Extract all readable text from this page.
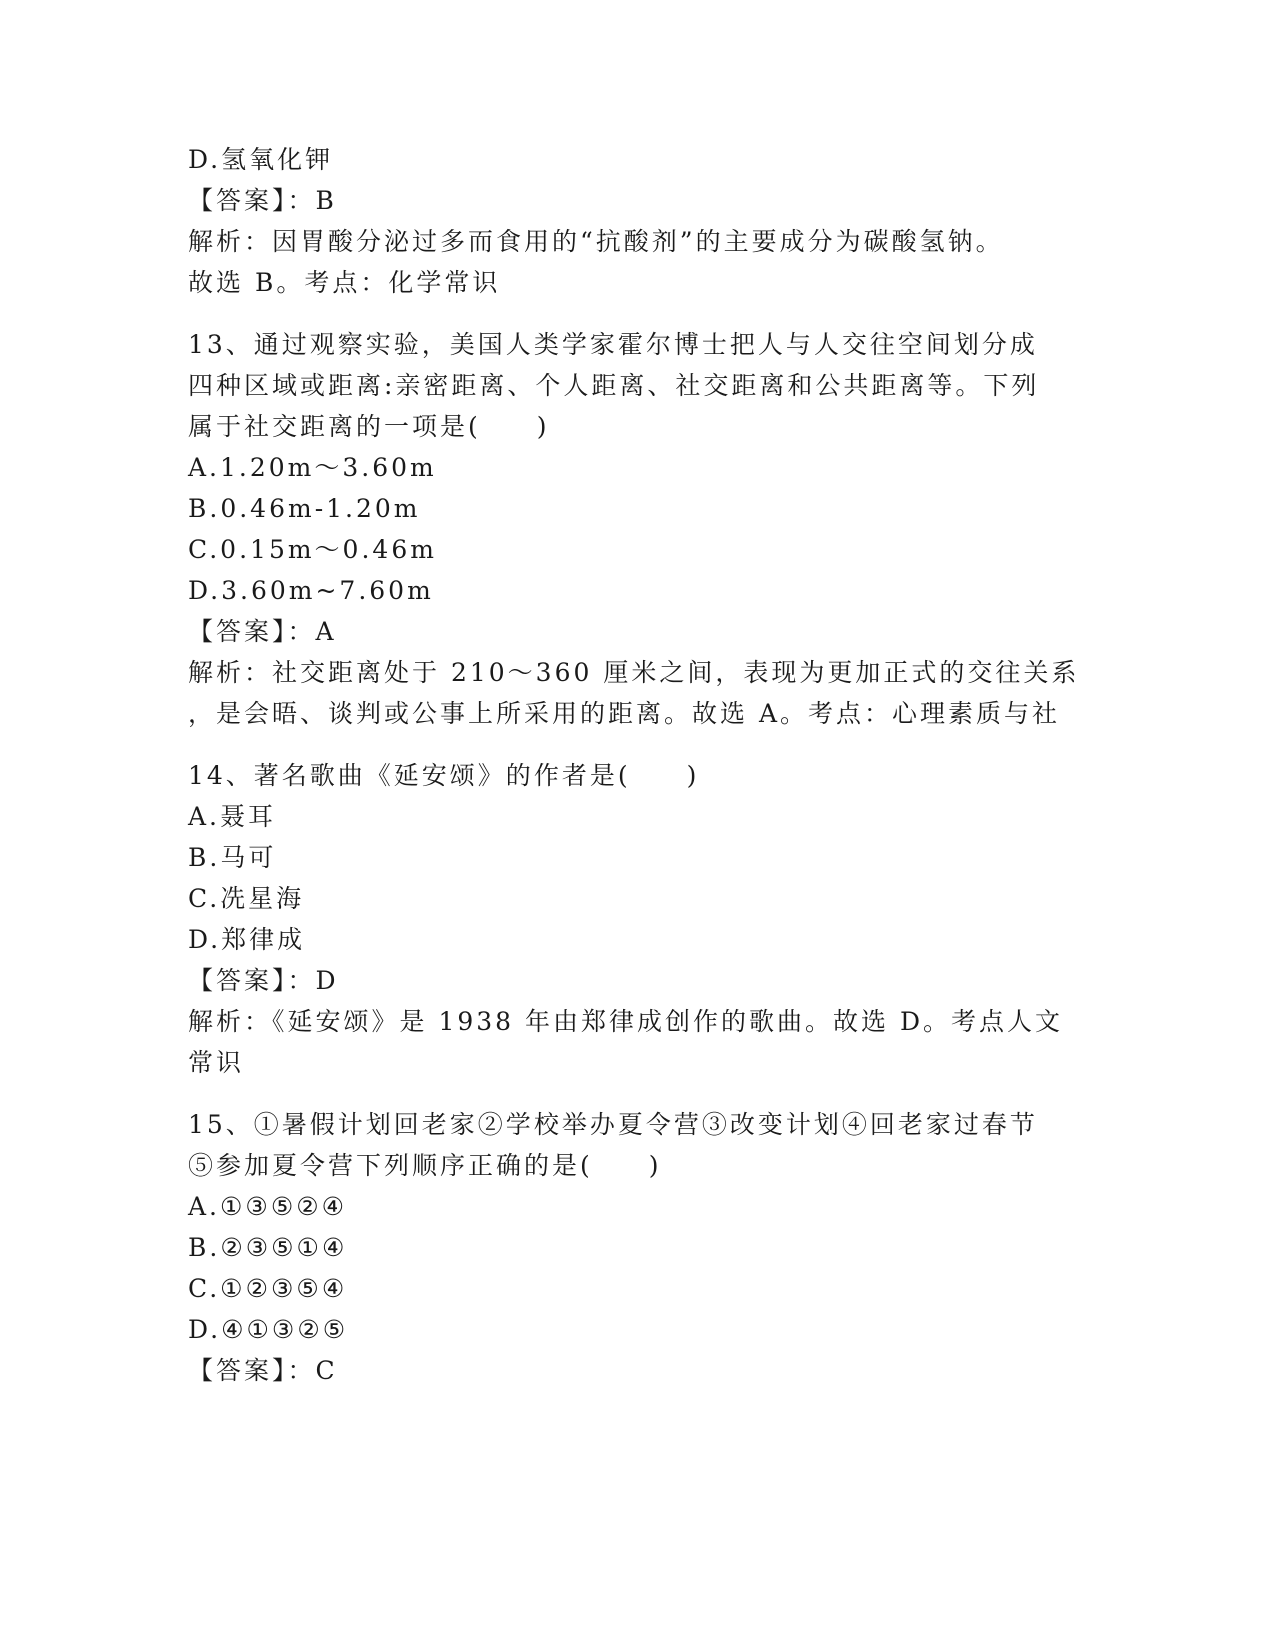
D.氢氧化钾
【答案】：B
解析：因胃酸分泌过多而食用的“抗酸剂”的主要成分为碳酸氢钠。
故选 B。考点：化学常识
13、通过观察实验，美国人类学家霍尔博士把人与人交往空间划分成
四种区域或距离:亲密距离、个人距离、社交距离和公共距离等。下列
属于社交距离的一项是(　　)
A.1.20m～3.60m
B.0.46m-1.20m
C.0.15m～0.46m
D.3.60m~7.60m
【答案】：A
解析：社交距离处于 210～360 厘米之间，表现为更加正式的交往关系
，是会晤、谈判或公事上所采用的距离。故选 A。考点：心理素质与社
14、著名歌曲《延安颂》的作者是(　　)
A.聂耳
B.马可
C.冼星海
D.郑律成
【答案】：D
解析：《延安颂》是 1938 年由郑律成创作的歌曲。故选 D。考点人文
常识
15、①暑假计划回老家②学校举办夏令营③改变计划④回老家过春节
⑤参加夏令营下列顺序正确的是(　　)
A.①③⑤②④
B.②③⑤①④
C.①②③⑤④
D.④①③②⑤
【答案】：C
